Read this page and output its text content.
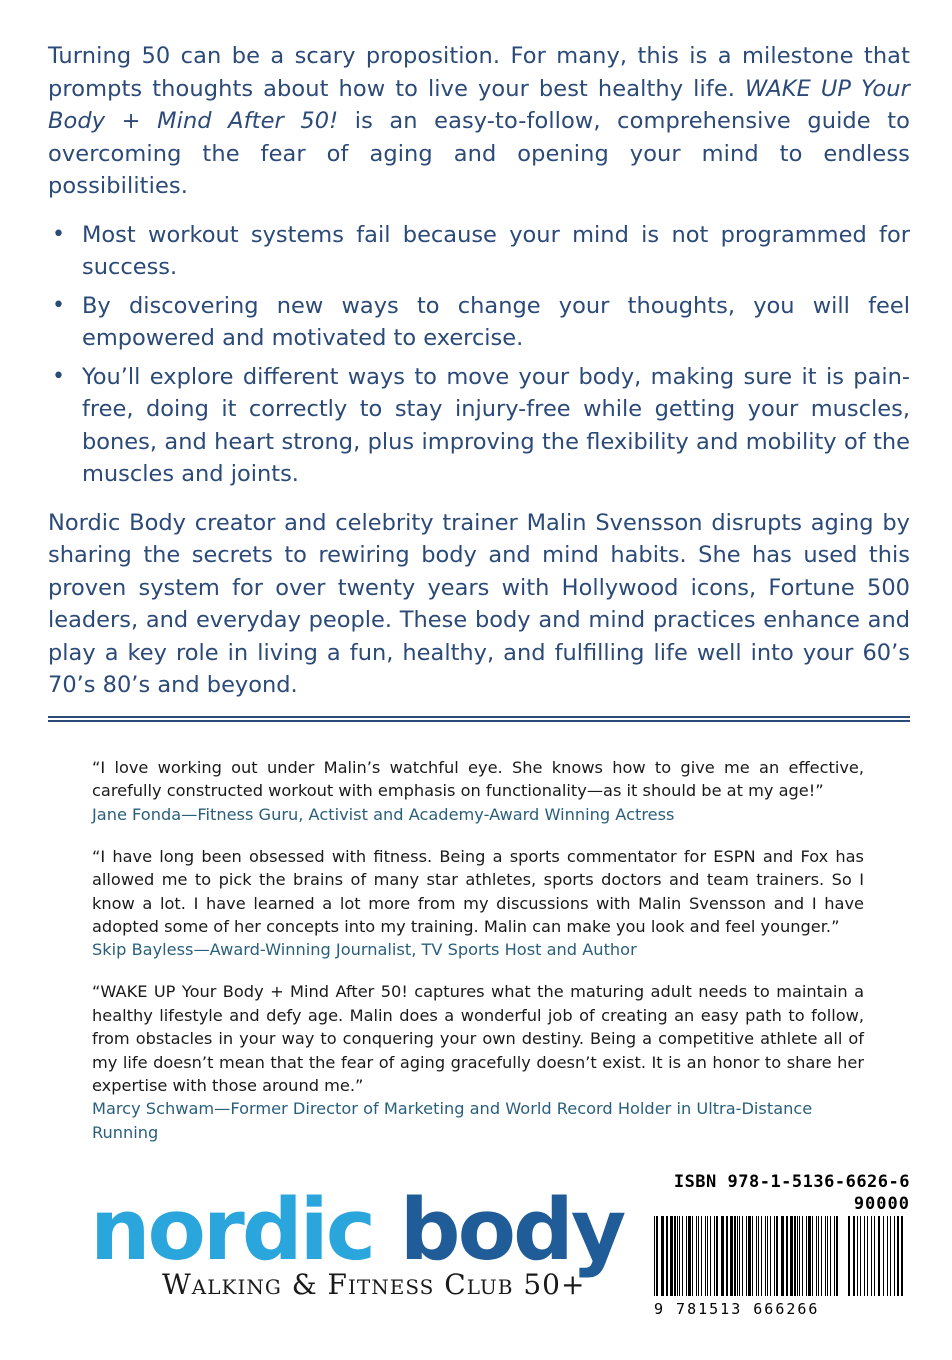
Turning 50 can be a scary proposition. For many, this is a milestone that prompts thoughts about how to live your best healthy life. WAKE UP Your Body + Mind After 50! is an easy-to-follow, comprehensive guide to overcoming the fear of aging and opening your mind to endless possibilities.

• Most workout systems fail because your mind is not programmed for success.
• By discovering new ways to change your thoughts, you will feel empowered and motivated to exercise.
• You’ll explore different ways to move your body, making sure it is pain-free, doing it correctly to stay injury-free while getting your muscles, bones, and heart strong, plus improving the flexibility and mobility of the muscles and joints.

Nordic Body creator and celebrity trainer Malin Svensson disrupts aging by sharing the secrets to rewiring body and mind habits. She has used this proven system for over twenty years with Hollywood icons, Fortune 500 leaders, and everyday people. These body and mind practices enhance and play a key role in living a fun, healthy, and fulfilling life well into your 60’s 70’s 80’s and beyond.

“I love working out under Malin’s watchful eye. She knows how to give me an effective, carefully constructed workout with emphasis on functionality—as it should be at my age!”

Jane Fonda—Fitness Guru, Activist and Academy-Award Winning Actress

“I have long been obsessed with fitness. Being a sports commentator for ESPN and Fox has allowed me to pick the brains of many star athletes, sports doctors and team trainers. So I know a lot. I have learned a lot more from my discussions with Malin Svensson and I have adopted some of her concepts into my training. Malin can make you look and feel younger.”

Skip Bayless—Award-Winning Journalist, TV Sports Host and Author

“WAKE UP Your Body + Mind After 50! captures what the maturing adult needs to maintain a healthy lifestyle and defy age. Malin does a wonderful job of creating an easy path to follow, from obstacles in your way to conquering your own destiny. Being a competitive athlete all of my life doesn’t mean that the fear of aging gracefully doesn’t exist. It is an honor to share her expertise with those around me.”

Marcy Schwam—Former Director of Marketing and World Record Holder in Ultra-Distance Running

nordic body
Walking & Fitness Club 50+
ISBN 978-1-5136-6626-6
90000
9 781513 666266
